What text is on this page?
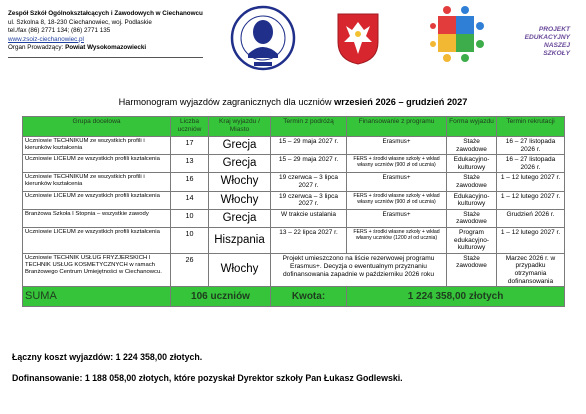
Zespół Szkół Ogólnokształcących i Zawodowych w Ciechanowcu
ul. Szkolna 8, 18-230 Ciechanowiec, woj. Podlaskie
tel./fax (86) 2771 134; (86) 2771 135
www.zsoiz-ciechanowiec.pl
Organ Prowadzący: Powiat Wysokomazowiecki
PROJEKT
EDUKACYJNY
NASZEJ SZKOŁY
Harmonogram wyjazdów zagranicznych dla uczniów wrzesień 2026 – grudzień 2027
Grupa docelowa	Liczba uczniów	Kraj wyjazdu / Miasto	Termin z podróżą	Finansowanie z programu	Forma wyjazdu	Termin rekrutacji
Uczniowie TECHNIKUM ze wszystkich profili i kierunków kształcenia	17	Grecja	15 – 29 maja 2027 r.	Erasmus+	Staże zawodowe	16 – 27 listopada 2026 r.
Uczniowie LICEUM ze wszystkich profili kształcenia	13	Grecja	15 – 29 maja 2027 r.	FERS + środki własne szkoły + wkład własny uczniów (900 zł od ucznia)	Edukacyjno-kulturowy	16 – 27 listopada 2026 r.
Uczniowie TECHNIKUM ze wszystkich profili i kierunków kształcenia	16	Włochy	19 czerwca – 3 lipca 2027 r.	Erasmus+	Staże zawodowe	1 – 12 lutego 2027 r.
Uczniowie LICEUM ze wszystkich profili kształcenia	14	Włochy	19 czerwca – 3 lipca 2027 r.	FERS + środki własne szkoły + wkład własny uczniów (900 zł od ucznia)	Edukacyjno-kulturowy	1 – 12 lutego 2027 r.
Branżowa Szkoła I Stopnia – wszystkie zawody	10	Grecja	W trakcie ustalania	Erasmus+	Staże zawodowe	Grudzień 2026 r.
Uczniowie LICEUM ze wszystkich profili kształcenia	10	Hiszpania	13 – 22 lipca 2027 r.	FERS + środki własne szkoły + wkład własny uczniów (1200 zł od ucznia)	Program edukacyjno-kulturowy	1 – 12 lutego 2027 r.
Uczniowie TECHNIK USŁUG FRYZJERSKICH I TECHNIK USŁUG KOSMETYCZNYCH w ramach Branżowego Centrum Umiejętności w Ciechanowcu.	26	Włochy	Projekt umieszczono na liście rezerwowej programu Erasmus+. Decyzja o ewentualnym przyznaniu dofinansowania zapadnie w październiku 2026 roku		Staże zawodowe	Marzec 2026 r. w przypadku otrzymania dofinansowania
SUMA	106 uczniów		Kwota:	1 224 358,00 złotych		
Łączny koszt wyjazdów: 1 224 358,00 złotych.
Dofinansowanie: 1 188 058,00 złotych, które pozyskał Dyrektor szkoły Pan Łukasz Godlewski.
